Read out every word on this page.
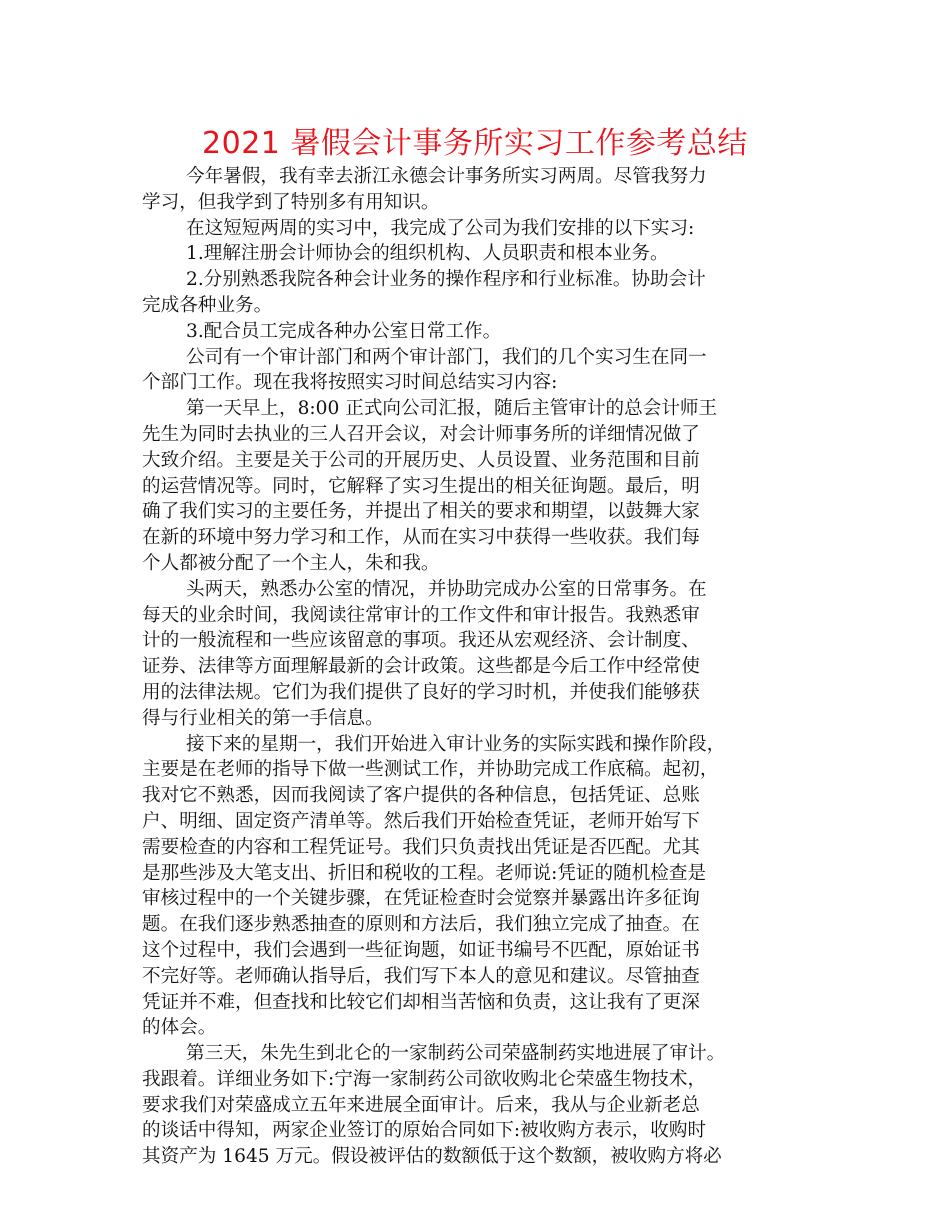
2021 暑假会计事务所实习工作参考总结
今年暑假，我有幸去浙江永德会计事务所实习两周。尽管我努力
学习，但我学到了特别多有用知识。
在这短短两周的实习中，我完成了公司为我们安排的以下实习:
1.理解注册会计师协会的组织机构、人员职责和根本业务。
2.分别熟悉我院各种会计业务的操作程序和行业标准。协助会计
完成各种业务。
3.配合员工完成各种办公室日常工作。
公司有一个审计部门和两个审计部门，我们的几个实习生在同一
个部门工作。现在我将按照实习时间总结实习内容:
第一天早上，8:00 正式向公司汇报，随后主管审计的总会计师王
先生为同时去执业的三人召开会议，对会计师事务所的详细情况做了
大致介绍。主要是关于公司的开展历史、人员设置、业务范围和目前
的运营情况等。同时，它解释了实习生提出的相关征询题。最后，明
确了我们实习的主要任务，并提出了相关的要求和期望，以鼓舞大家
在新的环境中努力学习和工作，从而在实习中获得一些收获。我们每
个人都被分配了一个主人，朱和我。
头两天，熟悉办公室的情况，并协助完成办公室的日常事务。在
每天的业余时间，我阅读往常审计的工作文件和审计报告。我熟悉审
计的一般流程和一些应该留意的事项。我还从宏观经济、会计制度、
证券、法律等方面理解最新的会计政策。这些都是今后工作中经常使
用的法律法规。它们为我们提供了良好的学习时机，并使我们能够获
得与行业相关的第一手信息。
接下来的星期一，我们开始进入审计业务的实际实践和操作阶段，
主要是在老师的指导下做一些测试工作，并协助完成工作底稿。起初，
我对它不熟悉，因而我阅读了客户提供的各种信息，包括凭证、总账
户、明细、固定资产清单等。然后我们开始检查凭证，老师开始写下
需要检查的内容和工程凭证号。我们只负责找出凭证是否匹配。尤其
是那些涉及大笔支出、折旧和税收的工程。老师说:凭证的随机检查是
审核过程中的一个关键步骤，在凭证检查时会觉察并暴露出许多征询
题。在我们逐步熟悉抽查的原则和方法后，我们独立完成了抽查。在
这个过程中，我们会遇到一些征询题，如证书编号不匹配，原始证书
不完好等。老师确认指导后，我们写下本人的意见和建议。尽管抽查
凭证并不难，但查找和比较它们却相当苦恼和负责，这让我有了更深
的体会。
第三天，朱先生到北仑的一家制药公司荣盛制药实地进展了审计。
我跟着。详细业务如下:宁海一家制药公司欲收购北仑荣盛生物技术，
要求我们对荣盛成立五年来进展全面审计。后来，我从与企业新老总
的谈话中得知，两家企业签订的原始合同如下:被收购方表示，收购时
其资产为 1645 万元。假设被评估的数额低于这个数额，被收购方将必
